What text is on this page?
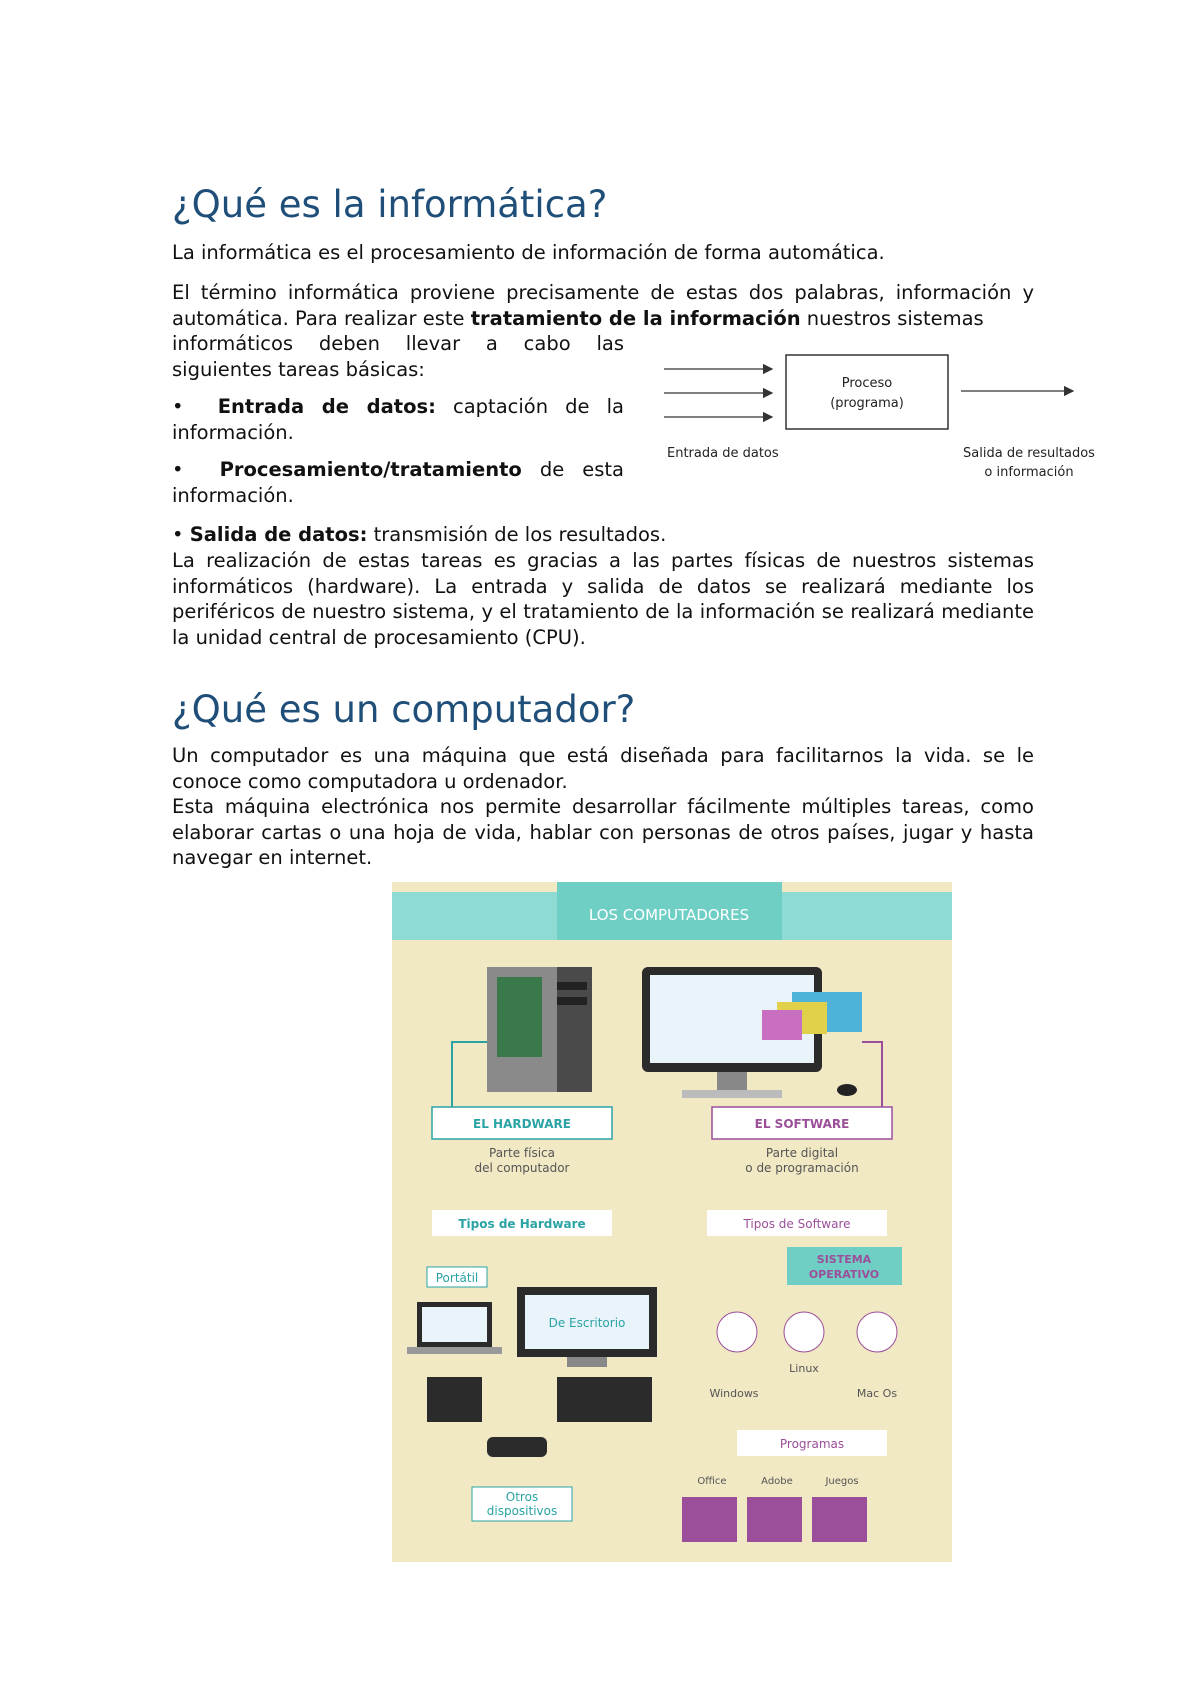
¿Qué es la informática?

La informática es el procesamiento de información de forma automática.

El término informática proviene precisamente de estas dos palabras, información y automática. Para realizar este tratamiento de la información nuestros sistemas

informáticos deben llevar a cabo las siguientes tareas básicas:

• Entrada de datos: captación de la información.

• Procesamiento/tratamiento de esta información.

• Salida de datos: transmisión de los resultados.

La realización de estas tareas es gracias a las partes físicas de nuestros sistemas informáticos (hardware). La entrada y salida de datos se realizará mediante los periféricos de nuestro sistema, y el tratamiento de la información se realizará mediante la unidad central de procesamiento (CPU).

¿Qué es un computador?

Un computador es una máquina que está diseñada para facilitarnos la vida. se le conoce como computadora u ordenador.

Esta máquina electrónica nos permite desarrollar fácilmente múltiples tareas, como elaborar cartas o una hoja de vida, hablar con personas de otros países, jugar y hasta navegar en internet.

Proceso
(programa)
Entrada de datos	Salida de resultados
o información
LOS COMPUTADORES
EL HARDWARE
Parte física
del computador
EL SOFTWARE
Parte digital
o de programación
Tipos de Hardware	Tipos de Software
Portátil
De Escritorio
Otros
dispositivos
SISTEMA
OPERATIVO
Linux
Windows	Mac Os
Programas
Office	Adobe	Juegos
